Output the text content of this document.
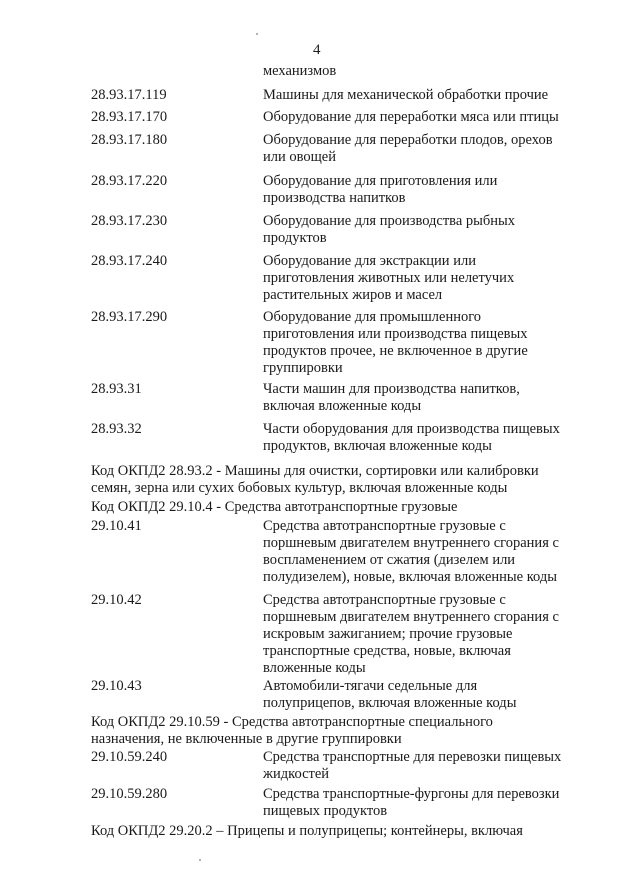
4
механизмов
28.93.17.119	Машины для механической обработки прочие
28.93.17.170	Оборудование для переработки мяса или птицы
28.93.17.180	Оборудование для переработки плодов, орехов
или овощей
28.93.17.220	Оборудование для приготовления или
производства напитков
28.93.17.230	Оборудование для производства рыбных
продуктов
28.93.17.240	Оборудование для экстракции или
приготовления животных или нелетучих
растительных жиров и масел
28.93.17.290	Оборудование для промышленного
приготовления или производства пищевых
продуктов прочее, не включенное в другие
группировки
28.93.31	Части машин для производства напитков,
включая вложенные коды
28.93.32	Части оборудования для производства пищевых
продуктов, включая вложенные коды
Код ОКПД2 28.93.2 - Машины для очистки, сортировки или калибровки
семян, зерна или сухих бобовых культур, включая вложенные коды
Код ОКПД2 29.10.4 - Средства автотранспортные грузовые
29.10.41	Средства автотранспортные грузовые с
поршневым двигателем внутреннего сгорания с
воспламенением от сжатия (дизелем или
полудизелем), новые, включая вложенные коды
29.10.42	Средства автотранспортные грузовые с
поршневым двигателем внутреннего сгорания с
искровым зажиганием; прочие грузовые
транспортные средства, новые, включая
вложенные коды
29.10.43	Автомобили-тягачи седельные для
полуприцепов, включая вложенные коды
Код ОКПД2 29.10.59 - Средства автотранспортные специального
назначения, не включенные в другие группировки
29.10.59.240	Средства транспортные для перевозки пищевых
жидкостей
29.10.59.280	Средства транспортные-фургоны для перевозки
пищевых продуктов
Код ОКПД2 29.20.2 – Прицепы и полуприцепы; контейнеры, включая
